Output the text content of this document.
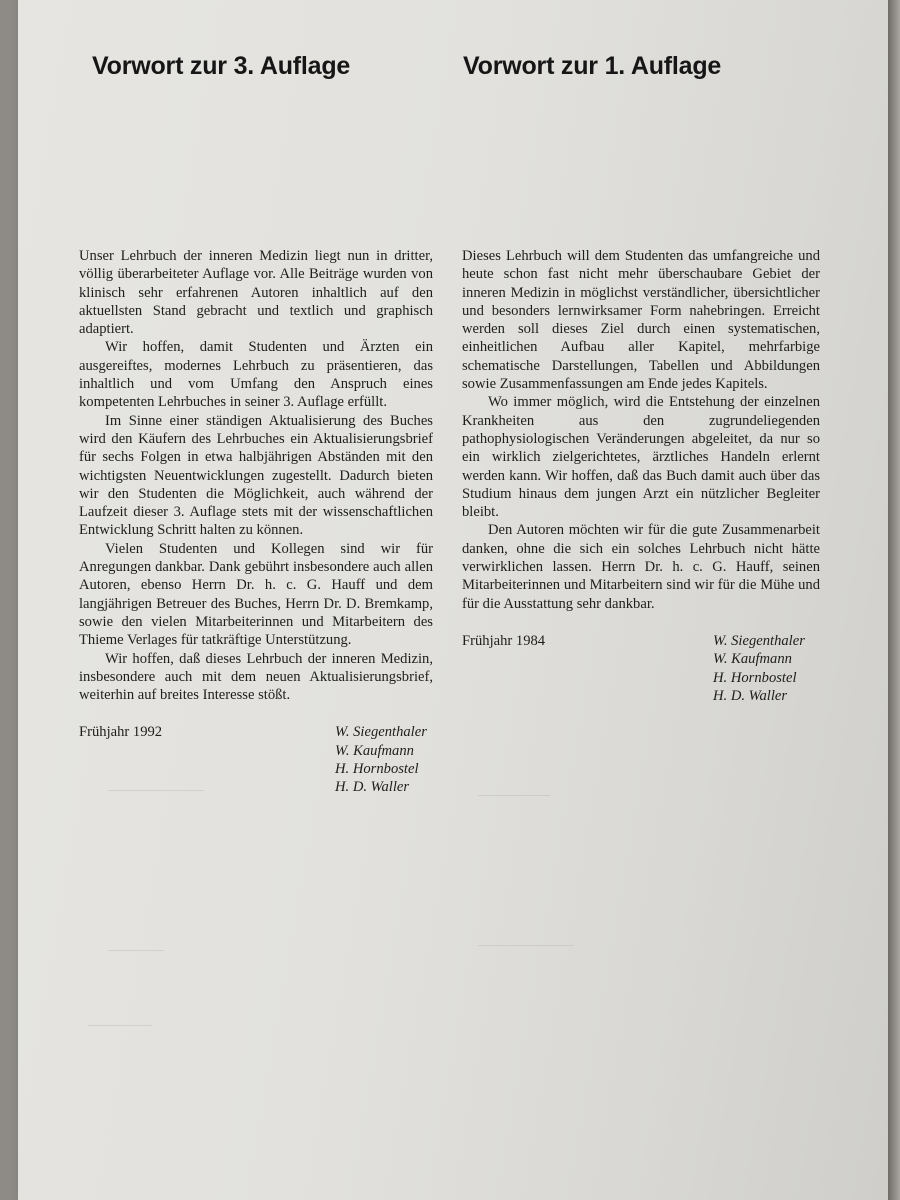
────────────	─────────
───────	────────────
────────
Vorwort zur 3. Auflage	Vorwort zur 1. Auflage

Unser Lehrbuch der inneren Medizin liegt nun in dritter, völlig überarbeiteter Auflage vor. Alle Beiträge wurden von klinisch sehr erfahrenen Autoren inhaltlich auf den aktuellsten Stand gebracht und textlich und graphisch adaptiert.

Wir hoffen, damit Studenten und Ärzten ein ausgereiftes, modernes Lehrbuch zu präsentieren, das inhaltlich und vom Umfang den Anspruch eines kompetenten Lehrbuches in seiner 3. Auflage erfüllt.

Im Sinne einer ständigen Aktualisierung des Buches wird den Käufern des Lehrbuches ein Aktualisierungsbrief für sechs Folgen in etwa halbjährigen Abständen mit den wichtigsten Neuentwicklungen zugestellt. Dadurch bieten wir den Studenten die Möglichkeit, auch während der Laufzeit dieser 3. Auflage stets mit der wissenschaftlichen Entwicklung Schritt halten zu können.

Vielen Studenten und Kollegen sind wir für Anregungen dankbar. Dank gebührt insbesondere auch allen Autoren, ebenso Herrn Dr. h. c. G. Hauff und dem langjährigen Betreuer des Buches, Herrn Dr. D. Bremkamp, sowie den vielen Mitarbeiterinnen und Mitarbeitern des Thieme Verlages für tatkräftige Unterstützung.

Wir hoffen, daß dieses Lehrbuch der inneren Medizin, insbesondere auch mit dem neuen Aktualisierungsbrief, weiterhin auf breites Interesse stößt.

Frühjahr 1992	W. Siegenthaler
W. Kaufmann
H. Hornbostel
H. D. Waller

Dieses Lehrbuch will dem Studenten das umfangreiche und heute schon fast nicht mehr überschaubare Gebiet der inneren Medizin in möglichst verständlicher, übersichtlicher und besonders lernwirksamer Form nahebringen. Erreicht werden soll dieses Ziel durch einen systematischen, einheitlichen Aufbau aller Kapitel, mehrfarbige schematische Darstellungen, Tabellen und Abbildungen sowie Zusammenfassungen am Ende jedes Kapitels.

Wo immer möglich, wird die Entstehung der einzelnen Krankheiten aus den zugrundeliegenden pathophysiologischen Veränderungen abgeleitet, da nur so ein wirklich zielgerichtetes, ärztliches Handeln erlernt werden kann. Wir hoffen, daß das Buch damit auch über das Studium hinaus dem jungen Arzt ein nützlicher Begleiter bleibt.

Den Autoren möchten wir für die gute Zusammenarbeit danken, ohne die sich ein solches Lehrbuch nicht hätte verwirklichen lassen. Herrn Dr. h. c. G. Hauff, seinen Mitarbeiterinnen und Mitarbeitern sind wir für die Mühe und für die Ausstattung sehr dankbar.

Frühjahr 1984	W. Siegenthaler
W. Kaufmann
H. Hornbostel
H. D. Waller
